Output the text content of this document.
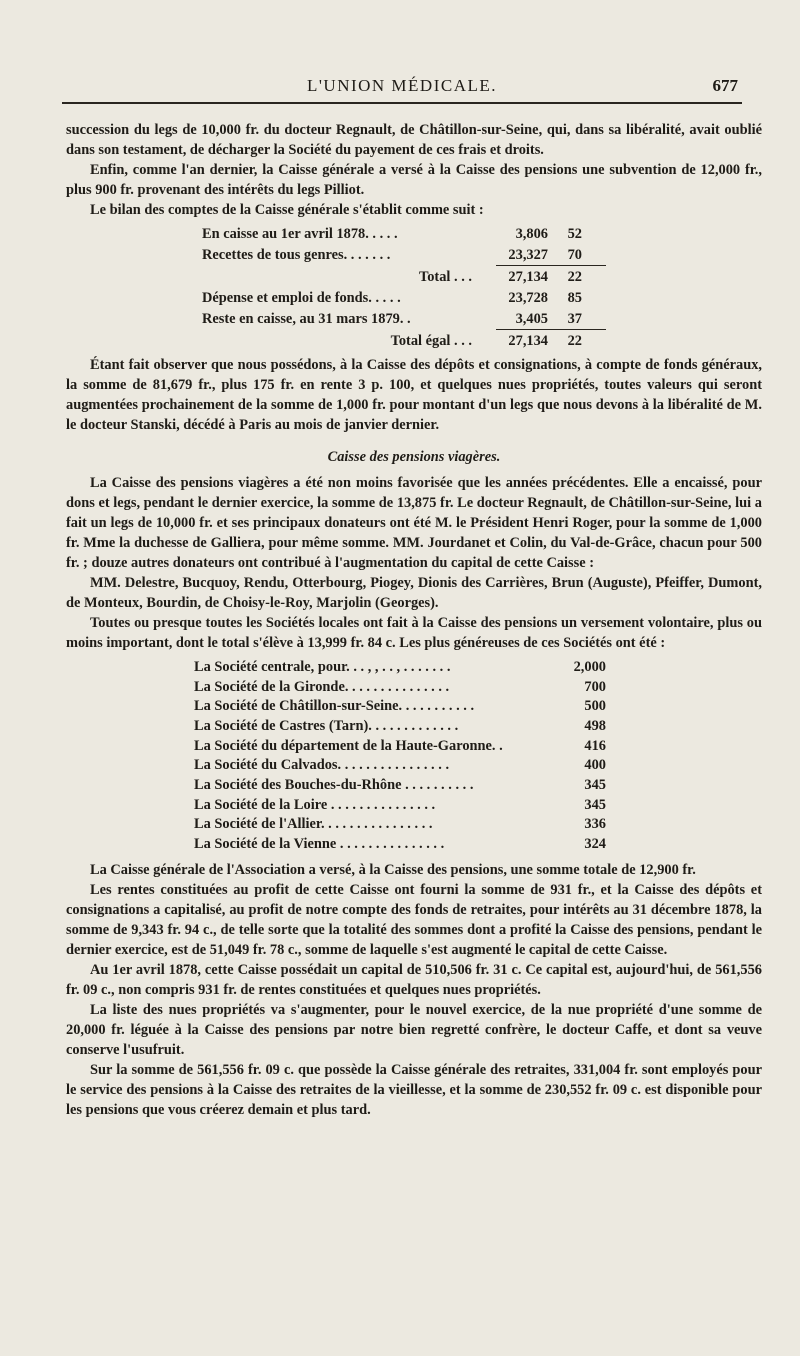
L'UNION MÉDICALE.	677

succession du legs de 10,000 fr. du docteur Regnault, de Châtillon-sur-Seine, qui, dans sa libéralité, avait oublié dans son testament, de décharger la Société du payement de ces frais et droits.

Enfin, comme l'an dernier, la Caisse générale a versé à la Caisse des pensions une subvention de 12,000 fr., plus 900 fr. provenant des intérêts du legs Pilliot.

Le bilan des comptes de la Caisse générale s'établit comme suit :

En caisse au 1er avril 1878. . . . .	3,806	52
Recettes de tous genres. . . . . . .	23,327	70
Total . . .	27,134	22
Dépense et emploi de fonds. . . . .	23,728	85
Reste en caisse, au 31 mars 1879. .	3,405	37
Total égal . . .	27,134	22

Étant fait observer que nous possédons, à la Caisse des dépôts et consignations, à compte de fonds généraux, la somme de 81,679 fr., plus 175 fr. en rente 3 p. 100, et quelques nues propriétés, toutes valeurs qui seront augmentées prochainement de la somme de 1,000 fr. pour montant d'un legs que nous devons à la libéralité de M. le docteur Stanski, décédé à Paris au mois de janvier dernier.

Caisse des pensions viagères.

La Caisse des pensions viagères a été non moins favorisée que les années précédentes. Elle a encaissé, pour dons et legs, pendant le dernier exercice, la somme de 13,875 fr. Le docteur Regnault, de Châtillon-sur-Seine, lui a fait un legs de 10,000 fr. et ses principaux donateurs ont été M. le Président Henri Roger, pour la somme de 1,000 fr. Mme la duchesse de Galliera, pour même somme. MM. Jourdanet et Colin, du Val-de-Grâce, chacun pour 500 fr. ; douze autres donateurs ont contribué à l'augmentation du capital de cette Caisse :

MM. Delestre, Bucquoy, Rendu, Otterbourg, Piogey, Dionis des Carrières, Brun (Auguste), Pfeiffer, Dumont, de Monteux, Bourdin, de Choisy-le-Roy, Marjolin (Georges).

Toutes ou presque toutes les Sociétés locales ont fait à la Caisse des pensions un versement volontaire, plus ou moins important, dont le total s'élève à 13,999 fr. 84 c. Les plus généreuses de ces Sociétés ont été :

La Société centrale, pour. . . , , . . , . . . . . . .	2,000
La Société de la Gironde. . . . . . . . . . . . . . .	700
La Société de Châtillon-sur-Seine. . . . . . . . . . .	500
La Société de Castres (Tarn). . . . . . . . . . . . .	498
La Société du département de la Haute-Garonne. .	416
La Société du Calvados. . . . . . . . . . . . . . . .	400
La Société des Bouches-du-Rhône . . . . . . . . . .	345
La Société de la Loire . . . . . . . . . . . . . . .	345
La Société de l'Allier. . . . . . . . . . . . . . . .	336
La Société de la Vienne . . . . . . . . . . . . . . .	324

La Caisse générale de l'Association a versé, à la Caisse des pensions, une somme totale de 12,900 fr.

Les rentes constituées au profit de cette Caisse ont fourni la somme de 931 fr., et la Caisse des dépôts et consignations a capitalisé, au profit de notre compte des fonds de retraites, pour intérêts au 31 décembre 1878, la somme de 9,343 fr. 94 c., de telle sorte que la totalité des sommes dont a profité la Caisse des pensions, pendant le dernier exercice, est de 51,049 fr. 78 c., somme de laquelle s'est augmenté le capital de cette Caisse.

Au 1er avril 1878, cette Caisse possédait un capital de 510,506 fr. 31 c. Ce capital est, aujourd'hui, de 561,556 fr. 09 c., non compris 931 fr. de rentes constituées et quelques nues propriétés.

La liste des nues propriétés va s'augmenter, pour le nouvel exercice, de la nue propriété d'une somme de 20,000 fr. léguée à la Caisse des pensions par notre bien regretté confrère, le docteur Caffe, et dont sa veuve conserve l'usufruit.

Sur la somme de 561,556 fr. 09 c. que possède la Caisse générale des retraites, 331,004 fr. sont employés pour le service des pensions à la Caisse des retraites de la vieillesse, et la somme de 230,552 fr. 09 c. est disponible pour les pensions que vous créerez demain et plus tard.
